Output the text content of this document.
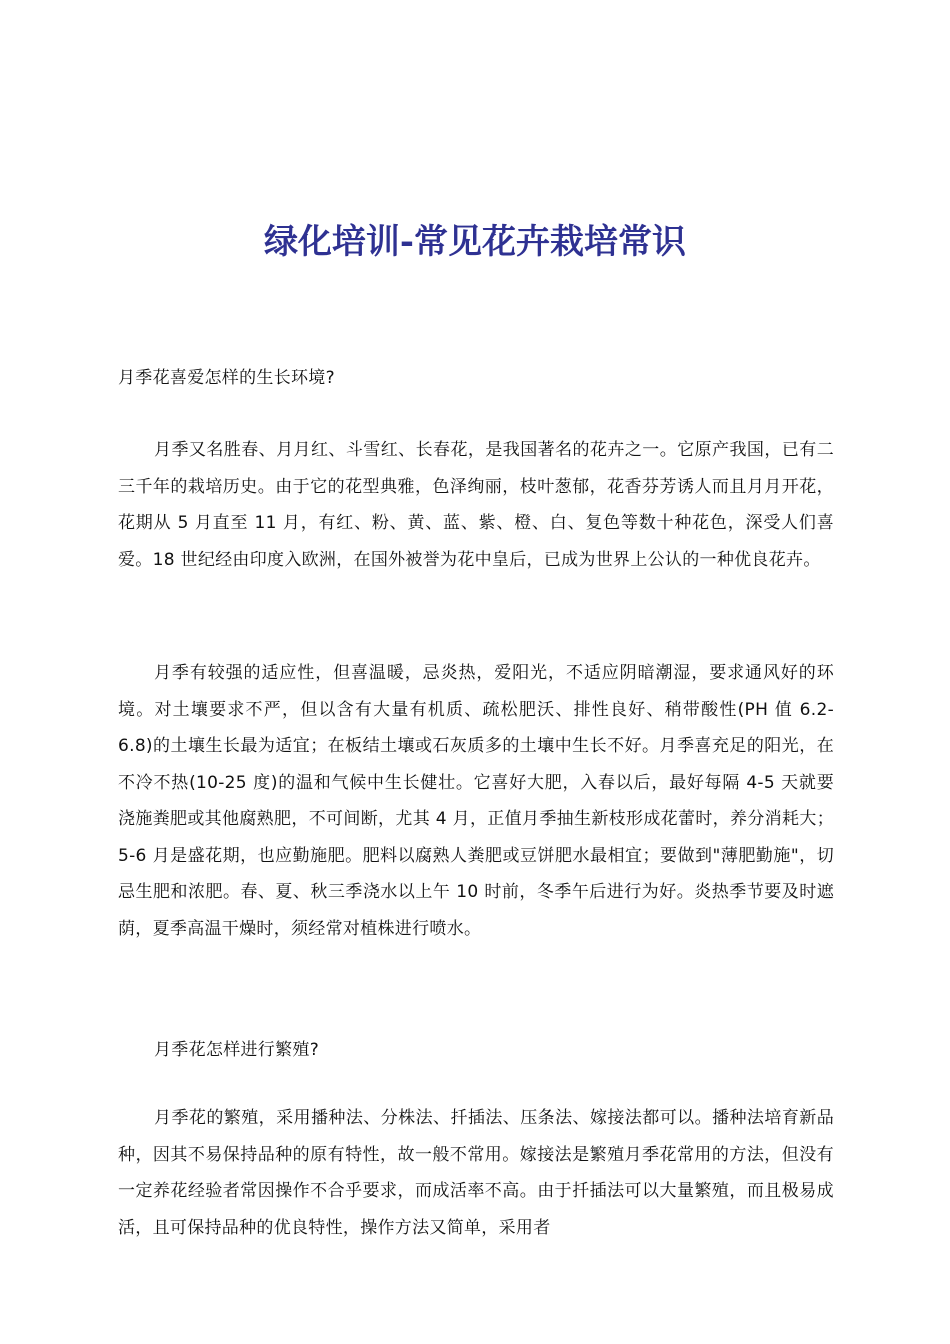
绿化培训-常见花卉栽培常识

月季花喜爱怎样的生长环境?

月季又名胜春、月月红、斗雪红、长春花，是我国著名的花卉之一。它原产我国，已有二三千年的栽培历史。由于它的花型典雅，色泽绚丽，枝叶葱郁，花香芬芳诱人而且月月开花，花期从 5 月直至 11 月，有红、粉、黄、蓝、紫、橙、白、复色等数十种花色，深受人们喜爱。18 世纪经由印度入欧洲，在国外被誉为花中皇后，已成为世界上公认的一种优良花卉。

月季有较强的适应性，但喜温暖，忌炎热，爱阳光，不适应阴暗潮湿，要求通风好的环境。对土壤要求不严，但以含有大量有机质、疏松肥沃、排性良好、稍带酸性(PH 值 6.2-6.8)的土壤生长最为适宜；在板结土壤或石灰质多的土壤中生长不好。月季喜充足的阳光，在不冷不热(10-25 度)的温和气候中生长健壮。它喜好大肥，入春以后，最好每隔 4-5 天就要浇施粪肥或其他腐熟肥，不可间断，尤其 4 月，正值月季抽生新枝形成花蕾时，养分消耗大；5-6 月是盛花期，也应勤施肥。肥料以腐熟人粪肥或豆饼肥水最相宜；要做到"薄肥勤施"，切忌生肥和浓肥。春、夏、秋三季浇水以上午 10 时前，冬季午后进行为好。炎热季节要及时遮荫，夏季高温干燥时，须经常对植株进行喷水。

月季花怎样进行繁殖?

月季花的繁殖，采用播种法、分株法、扦插法、压条法、嫁接法都可以。播种法培育新品种，因其不易保持品种的原有特性，故一般不常用。嫁接法是繁殖月季花常用的方法，但没有一定养花经验者常因操作不合乎要求，而成活率不高。由于扦插法可以大量繁殖，而且极易成活，且可保持品种的优良特性，操作方法又简单，采用者
